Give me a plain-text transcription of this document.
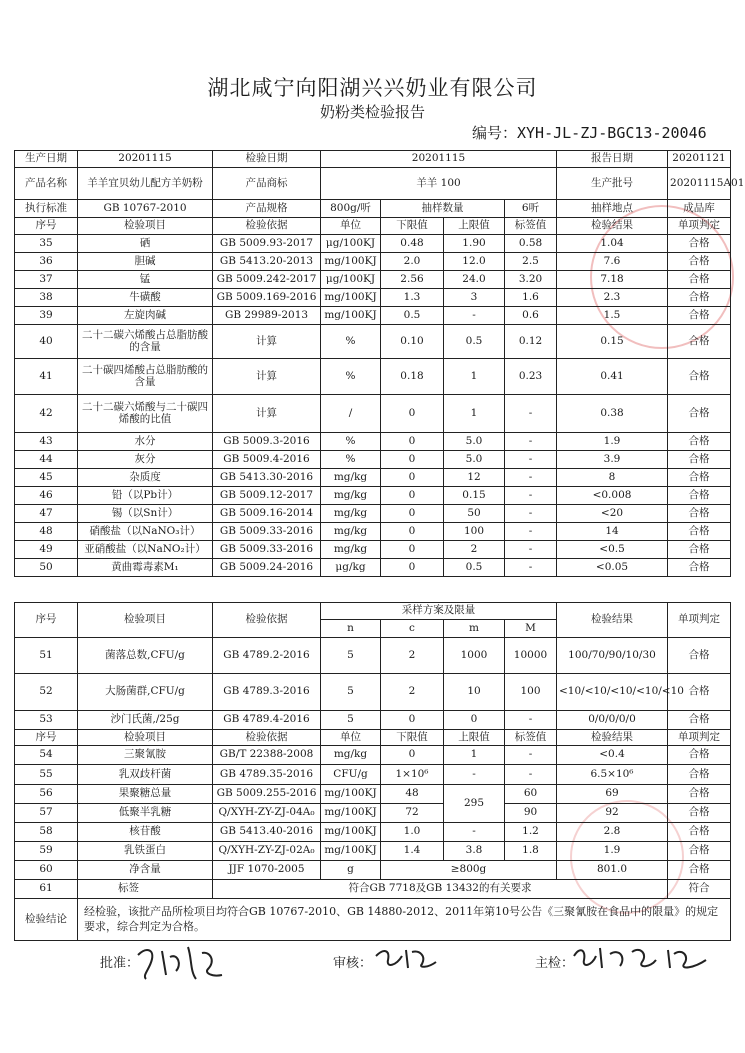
湖北咸宁向阳湖兴兴奶业有限公司
奶粉类检验报告
编号：XYH-JL-ZJ-BGC13-20046
生产日期	20201115	检验日期	20201115				报告日期	20201121
产品名称	羊羊宜贝幼儿配方羊奶粉	产品商标	羊羊 100				生产批号	20201115A01
执行标准	GB 10767-2010	产品规格	800g/听	抽样数量		6听	抽样地点	成品库
序号	检验项目	检验依据	单位	下限值	上限值	标签值	检验结果	单项判定
35	硒	GB 5009.93-2017	μg/100KJ	0.48	1.90	0.58	1.04	合格
36	胆碱	GB 5413.20-2013	mg/100KJ	2.0	12.0	2.5	7.6	合格
37	锰	GB 5009.242-2017	μg/100KJ	2.56	24.0	3.20	7.18	合格
38	牛磺酸	GB 5009.169-2016	mg/100KJ	1.3	3	1.6	2.3	合格
39	左旋肉碱	GB 29989-2013	mg/100KJ	0.5	-	0.6	1.5	合格
40	二十二碳六烯酸占总脂肪酸的含量	计算	%	0.10	0.5	0.12	0.15	合格
41	二十碳四烯酸占总脂肪酸的含量	计算	%	0.18	1	0.23	0.41	合格
42	二十二碳六烯酸与二十碳四烯酸的比值	计算	/	0	1	-	0.38	合格
43	水分	GB 5009.3-2016	%	0	5.0	-	1.9	合格
44	灰分	GB 5009.4-2016	%	0	5.0	-	3.9	合格
45	杂质度	GB 5413.30-2016	mg/kg	0	12	-	8	合格
46	铅（以Pb计）	GB 5009.12-2017	mg/kg	0	0.15	-	<0.008	合格
47	锡（以Sn计）	GB 5009.16-2014	mg/kg	0	50	-	<20	合格
48	硝酸盐（以NaNO₃计）	GB 5009.33-2016	mg/kg	0	100	-	14	合格
49	亚硝酸盐（以NaNO₂计）	GB 5009.33-2016	mg/kg	0	2	-	<0.5	合格
50	黄曲霉毒素M₁	GB 5009.24-2016	μg/kg	0	0.5	-	<0.05	合格
序号	检验项目	检验依据	采样方案及限量				检验结果	单项判定
			n	c	m	M		
51	菌落总数,CFU/g	GB 4789.2-2016	5	2	1000	10000	100/70/90/10/30	合格
52	大肠菌群,CFU/g	GB 4789.3-2016	5	2	10	100	<10/<10/<10/<10/<10	合格
53	沙门氏菌,/25g	GB 4789.4-2016	5	0	0	-	0/0/0/0/0	合格
序号	检验项目	检验依据	单位	下限值	上限值	标签值	检验结果	单项判定
54	三聚氰胺	GB/T 22388-2008	mg/kg	0	1	-	<0.4	合格
55	乳双歧杆菌	GB 4789.35-2016	CFU/g	1×10⁶	-	-	6.5×10⁶	合格
56	果聚糖总量	GB 5009.255-2016	mg/100KJ	48	295	60	69	合格
57	低聚半乳糖	Q/XYH-ZY-ZJ-04A₀	mg/100KJ	72		90	92	合格
58	核苷酸	GB 5413.40-2016	mg/100KJ	1.0	-	1.2	2.8	合格
59	乳铁蛋白	Q/XYH-ZY-ZJ-02A₀	mg/100KJ	1.4	3.8	1.8	1.9	合格
60	净含量	JJF 1070-2005	g	≥800g			801.0	合格
61	标签	符合GB 7718及GB 13432的有关要求						符合
检验结论	经检验，该批产品所检项目均符合GB 10767-2010、GB 14880-2012、2011年第10号公告《三聚氰胺在食品中的限量》的规定要求，综合判定为合格。							
批准：	审核：	主检：
